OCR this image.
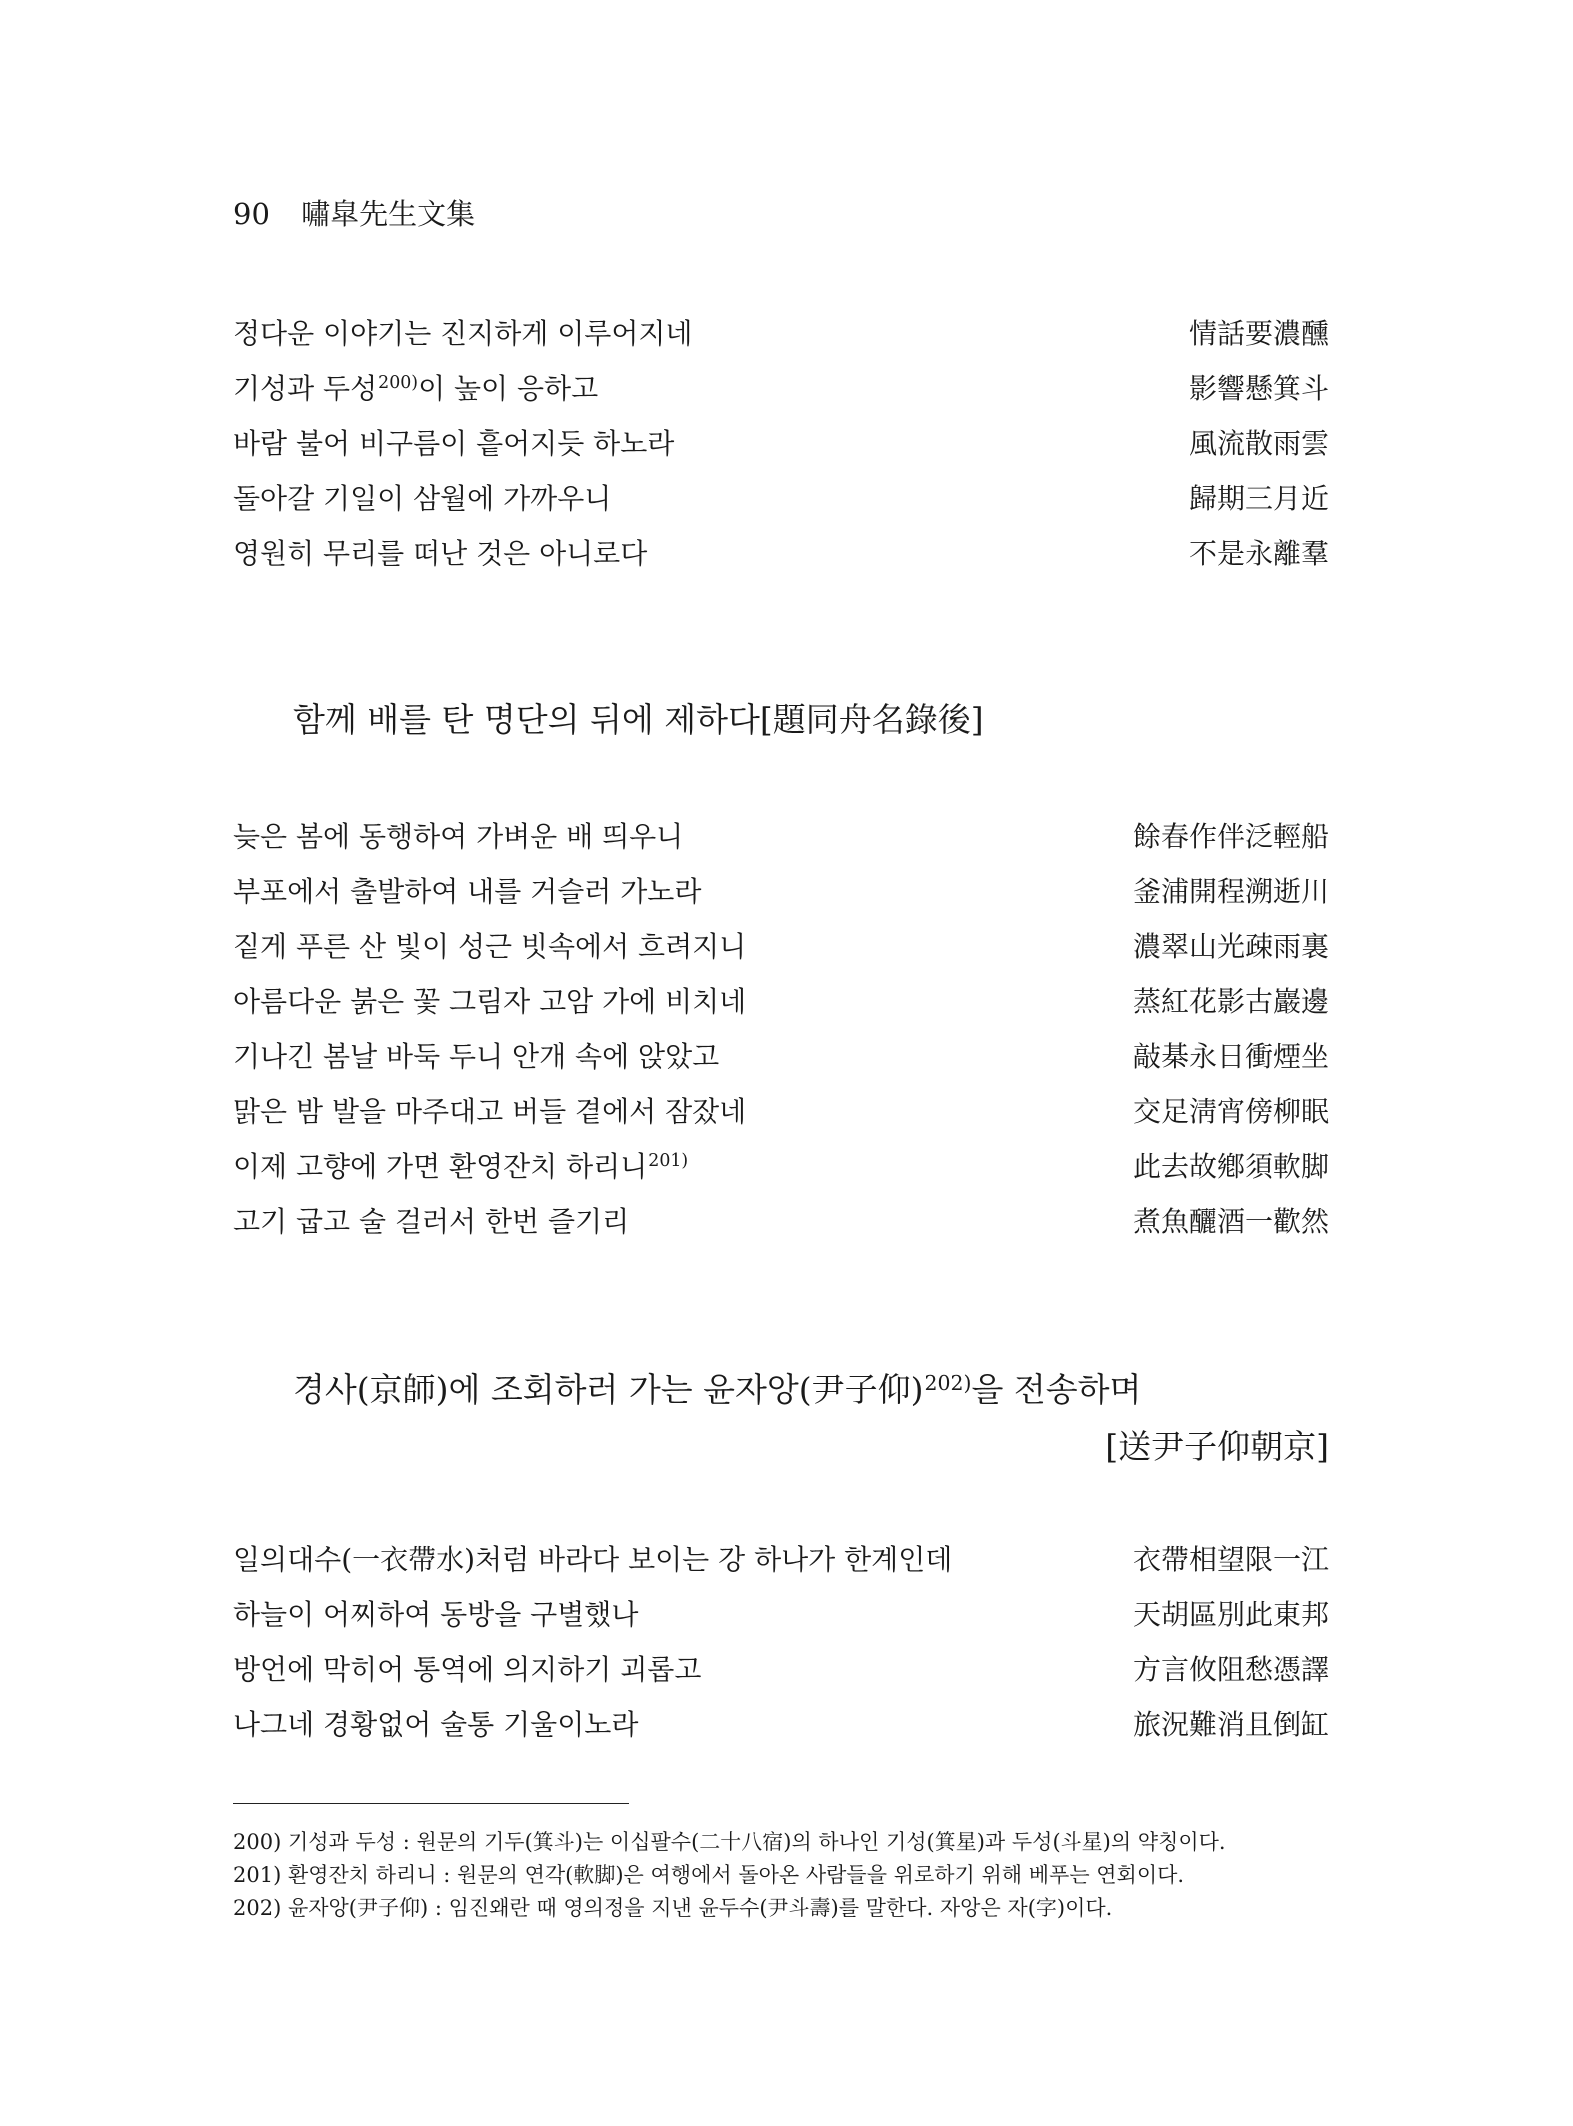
90 嘯皐先生文集
정다운 이야기는 진지하게 이루어지네	情話要濃醺
기성과 두성$^{200)}$이 높이 응하고	影響懸箕斗
바람 불어 비구름이 흩어지듯 하노라	風流散雨雲
돌아갈 기일이 삼월에 가까우니	歸期三月近
영원히 무리를 떠난 것은 아니로다	不是永離羣
함께 배를 탄 명단의 뒤에 제하다[題同舟名錄後]
늦은 봄에 동행하여 가벼운 배 띄우니	餘春作伴泛輕船
부포에서 출발하여 내를 거슬러 가노라	釜浦開程溯逝川
짙게 푸른 산 빛이 성근 빗속에서 흐려지니	濃翠山光疎雨裏
아름다운 붉은 꽃 그림자 고암 가에 비치네	蒸紅花影古巖邊
기나긴 봄날 바둑 두니 안개 속에 앉았고	敲棊永日衝煙坐
맑은 밤 발을 마주대고 버들 곁에서 잠잤네	交足淸宵傍柳眠
이제 고향에 가면 환영잔치 하리니$^{201)}$	此去故鄕須軟脚
고기 굽고 술 걸러서 한번 즐기리	煮魚釃酒一歡然
경사(京師)에 조회하러 가는 윤자앙(尹子仰)$^{202)}$을 전송하며
[送尹子仰朝京]
일의대수(一衣帶水)처럼 바라다 보이는 강 하나가 한계인데	衣帶相望限一江
하늘이 어찌하여 동방을 구별했나	天胡區別此東邦
방언에 막히어 통역에 의지하기 괴롭고	方言攸阻愁憑譯
나그네 경황없어 술통 기울이노라	旅況難消且倒缸
200) 기성과 두성 : 원문의 기두(箕斗)는 이십팔수(二十八宿)의 하나인 기성(箕星)과 두성(斗星)의 약칭이다.
201) 환영잔치 하리니 : 원문의 연각(軟脚)은 여행에서 돌아온 사람들을 위로하기 위해 베푸는 연회이다.
202) 윤자앙(尹子仰) : 임진왜란 때 영의정을 지낸 윤두수(尹斗壽)를 말한다. 자앙은 자(字)이다.
